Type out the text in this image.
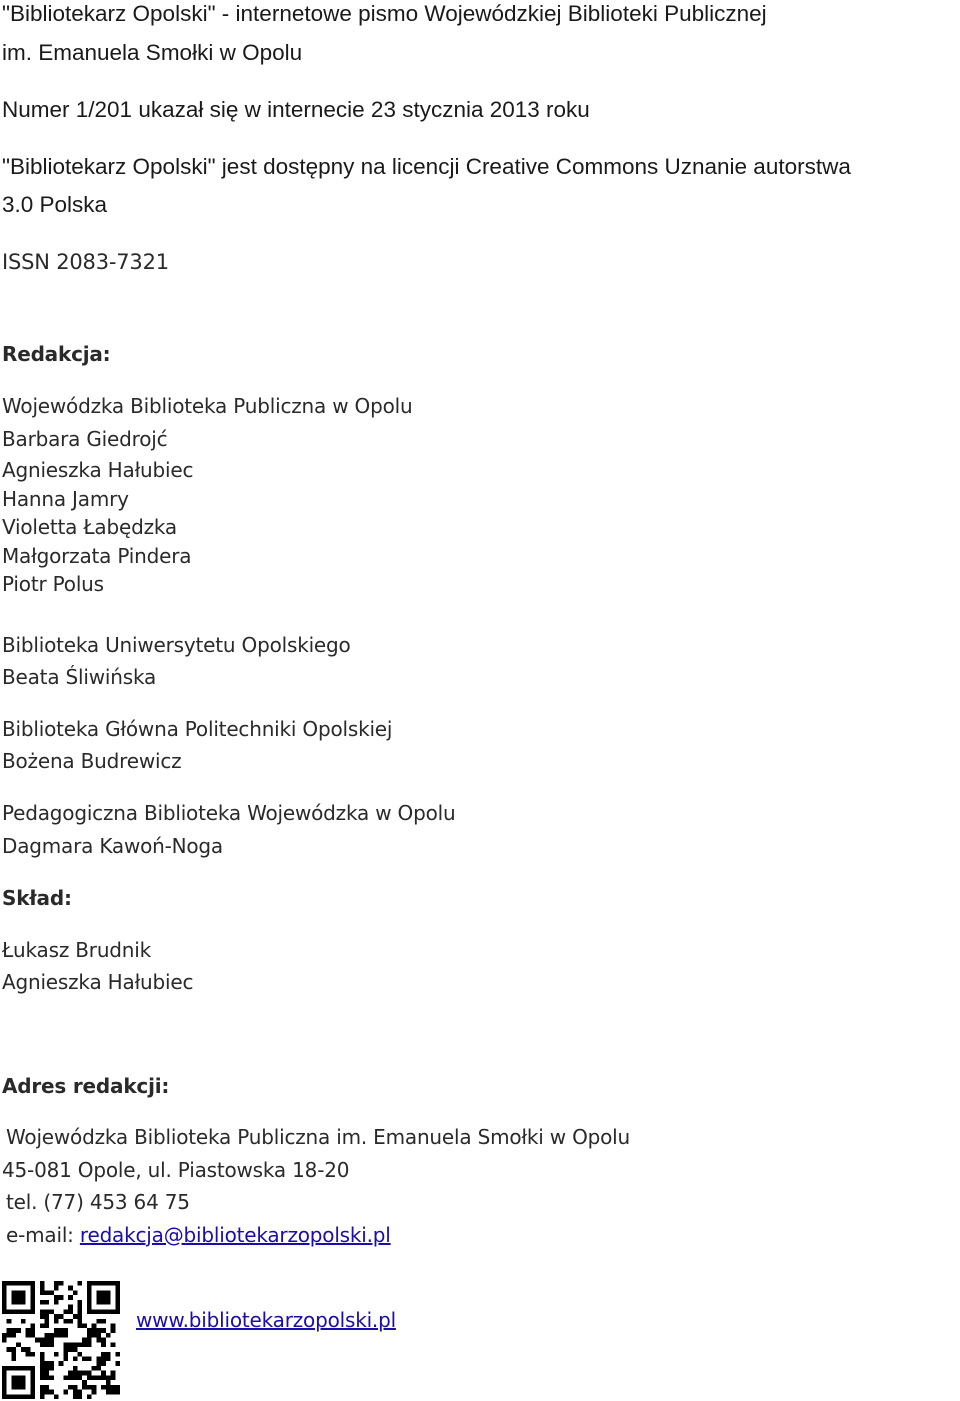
"Bibliotekarz Opolski" - internetowe pismo Wojewódzkiej Biblioteki Publicznej
im. Emanuela Smołki w Opolu
Numer 1/201 ukazał się w internecie 23 stycznia 2013 roku
"Bibliotekarz Opolski" jest dostępny na licencji Creative Commons Uznanie autorstwa
3.0 Polska
ISSN 2083-7321
Redakcja:
Wojewódzka Biblioteka Publiczna w Opolu
Barbara Giedrojć
Agnieszka Hałubiec
Hanna Jamry
Violetta Łabędzka
Małgorzata Pindera
Piotr Polus
Biblioteka Uniwersytetu Opolskiego
Beata Śliwińska
Biblioteka Główna Politechniki Opolskiej
Bożena Budrewicz
Pedagogiczna Biblioteka Wojewódzka w Opolu
Dagmara Kawoń-Noga
Skład:
Łukasz Brudnik
Agnieszka Hałubiec
Adres redakcji:
Wojewódzka Biblioteka Publiczna im. Emanuela Smołki w Opolu
45-081 Opole, ul. Piastowska 18-20
tel. (77) 453 64 75
e-mail: redakcja@bibliotekarzopolski.pl
www.bibliotekarzopolski.pl
